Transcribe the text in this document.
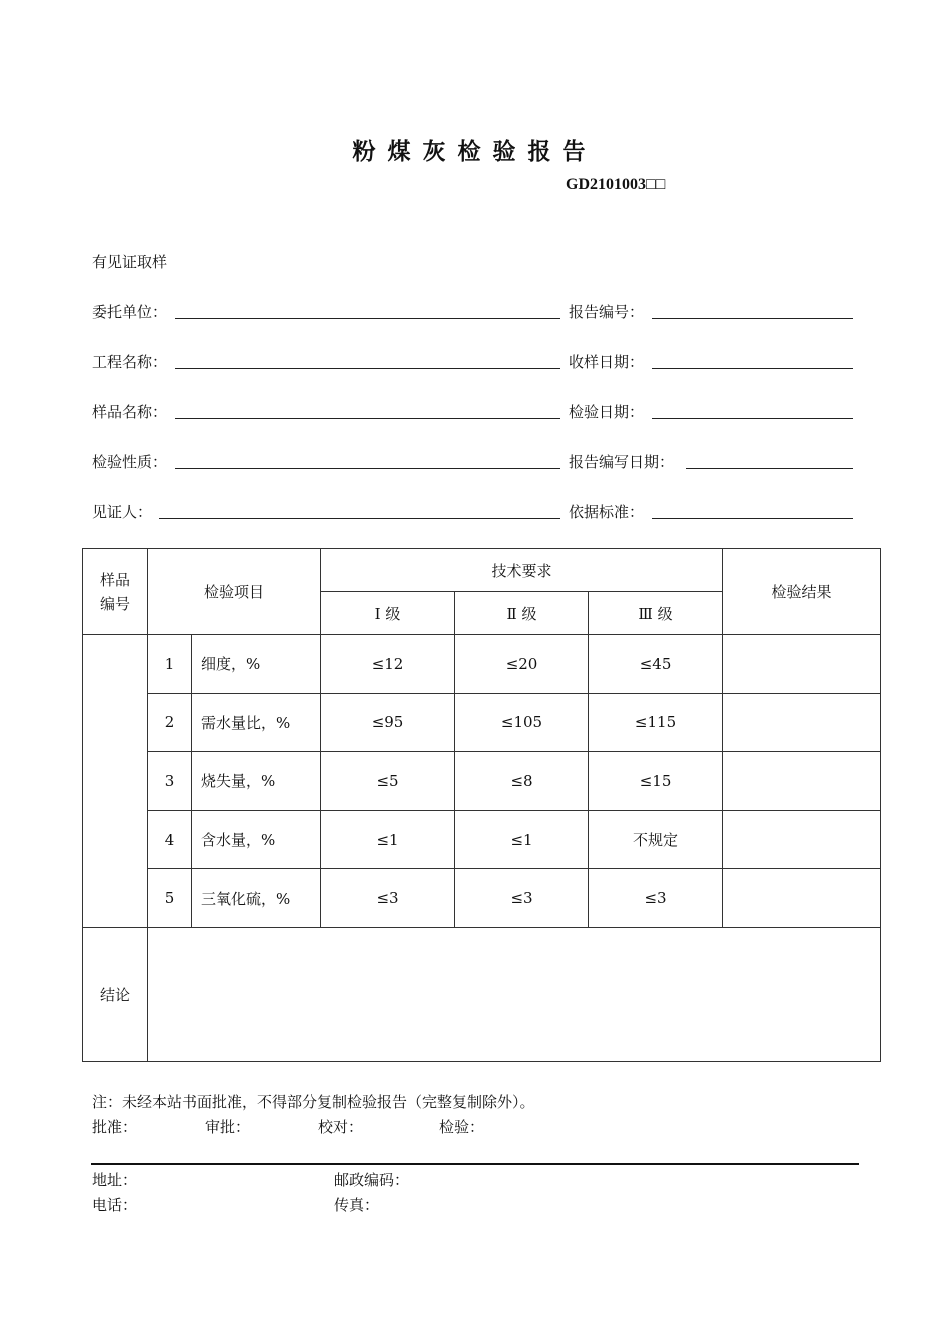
粉煤灰检验报告
GD2101003□□
有见证取样
委托单位：	报告编号：
工程名称：	收样日期：
样品名称：	检验日期：
检验性质：	报告编写日期：
见证人：	依据标准：
样品编号	检验项目		技术要求			检验结果
			Ⅰ 级	Ⅱ 级	Ⅲ 级	
	1	细度，%	≤12	≤20	≤45	
	2	需水量比，%	≤95	≤105	≤115	
	3	烧失量，%	≤5	≤8	≤15	
	4	含水量，%	≤1	≤1	不规定	
	5	三氧化硫，%	≤3	≤3	≤3	
结论						
注：未经本站书面批准，不得部分复制检验报告（完整复制除外）。
批准：	审批：	校对：	检验：
地址：	邮政编码：
电话：	传真：
